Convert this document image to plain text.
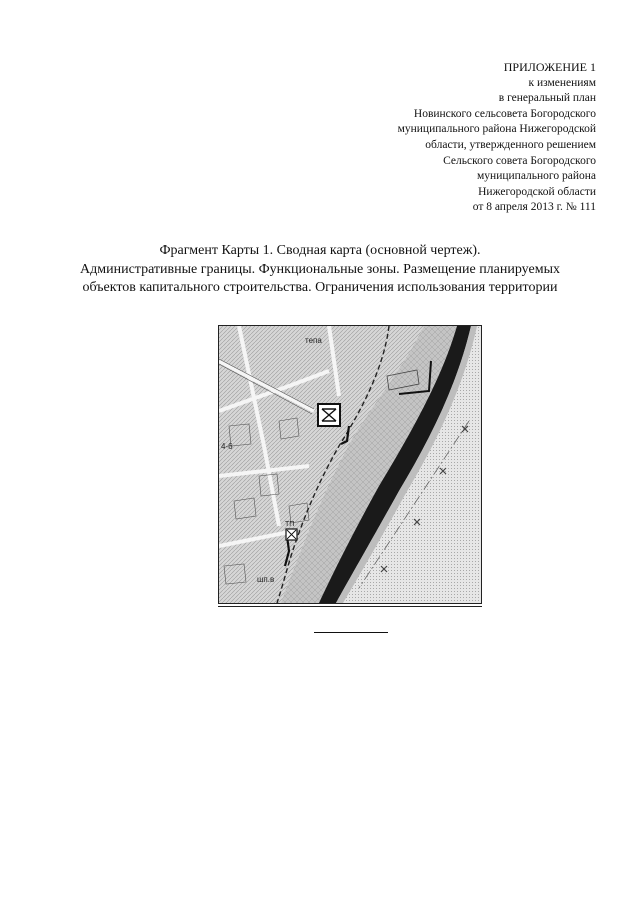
ПРИЛОЖЕНИЕ 1
к изменениям
в генеральный план
Новинского сельсовета Богородского
муниципального района Нижегородской
области, утвержденного решением
Сельского совета Богородского
муниципального района
Нижегородской области
от 8 апреля 2013 г. № 111
Фрагмент Карты 1. Сводная карта (основной чертеж).
Административные границы. Функциональные зоны. Размещение планируемых
объектов капитального строительства. Ограничения использования территории
тепа
4-6
ТП
шп.в
